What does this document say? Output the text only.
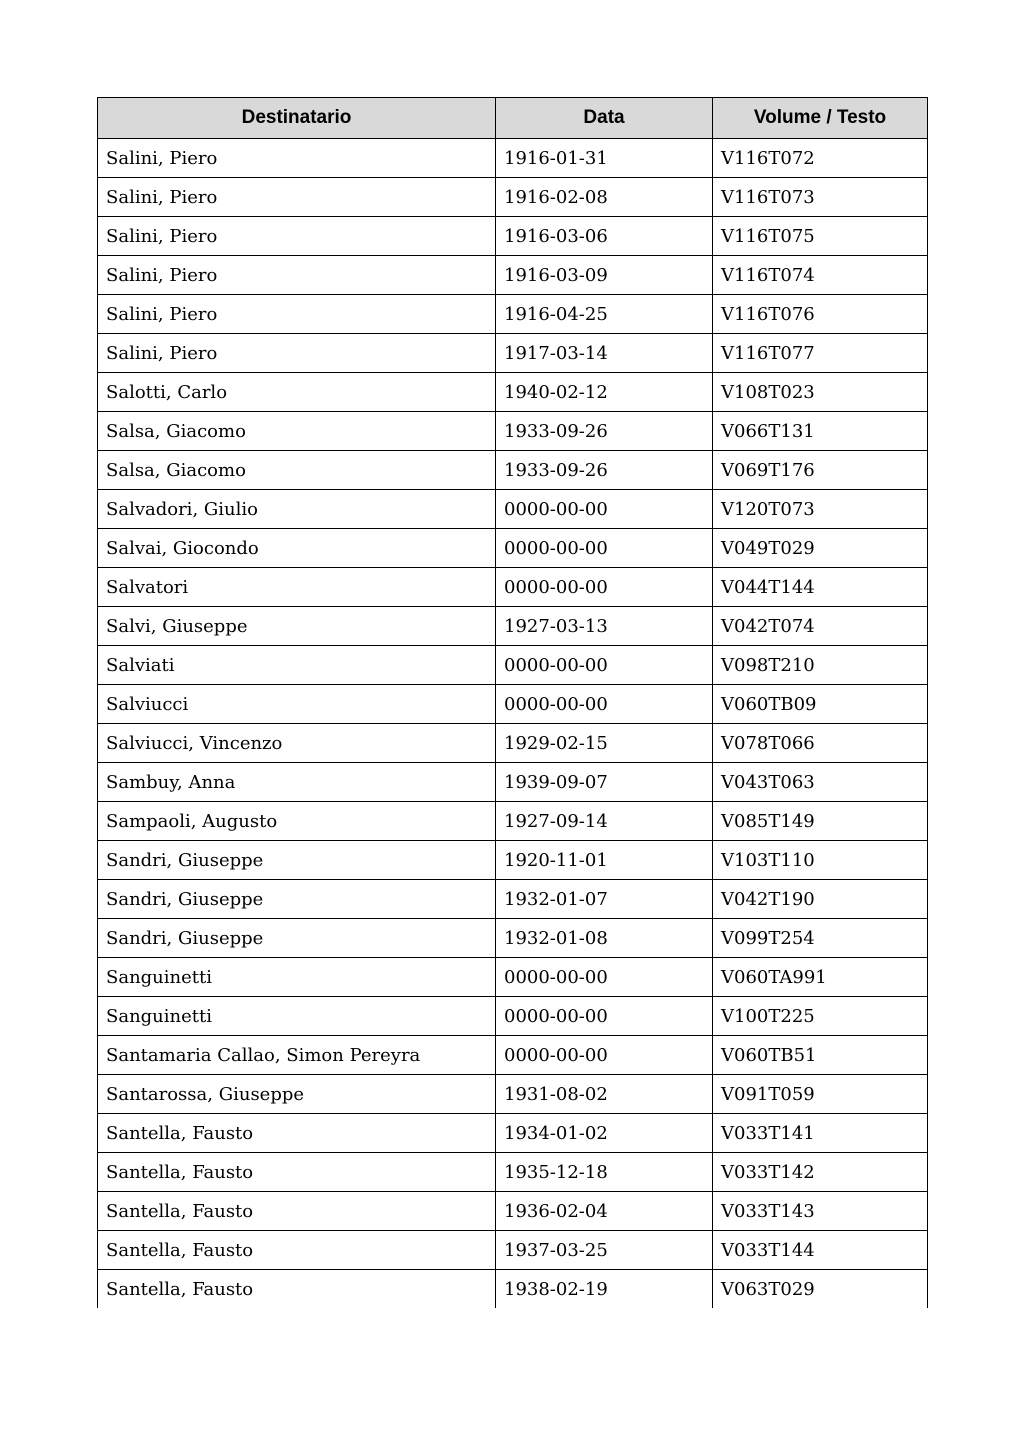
Destinatario	Data	Volume / Testo
Salini, Piero	1916-01-31	V116T072
Salini, Piero	1916-02-08	V116T073
Salini, Piero	1916-03-06	V116T075
Salini, Piero	1916-03-09	V116T074
Salini, Piero	1916-04-25	V116T076
Salini, Piero	1917-03-14	V116T077
Salotti, Carlo	1940-02-12	V108T023
Salsa, Giacomo	1933-09-26	V066T131
Salsa, Giacomo	1933-09-26	V069T176
Salvadori, Giulio	0000-00-00	V120T073
Salvai, Giocondo	0000-00-00	V049T029
Salvatori	0000-00-00	V044T144
Salvi, Giuseppe	1927-03-13	V042T074
Salviati	0000-00-00	V098T210
Salviucci	0000-00-00	V060TB09
Salviucci, Vincenzo	1929-02-15	V078T066
Sambuy, Anna	1939-09-07	V043T063
Sampaoli, Augusto	1927-09-14	V085T149
Sandri, Giuseppe	1920-11-01	V103T110
Sandri, Giuseppe	1932-01-07	V042T190
Sandri, Giuseppe	1932-01-08	V099T254
Sanguinetti	0000-00-00	V060TA991
Sanguinetti	0000-00-00	V100T225
Santamaria Callao, Simon Pereyra	0000-00-00	V060TB51
Santarossa, Giuseppe	1931-08-02	V091T059
Santella, Fausto	1934-01-02	V033T141
Santella, Fausto	1935-12-18	V033T142
Santella, Fausto	1936-02-04	V033T143
Santella, Fausto	1937-03-25	V033T144
Santella, Fausto	1938-02-19	V063T029
